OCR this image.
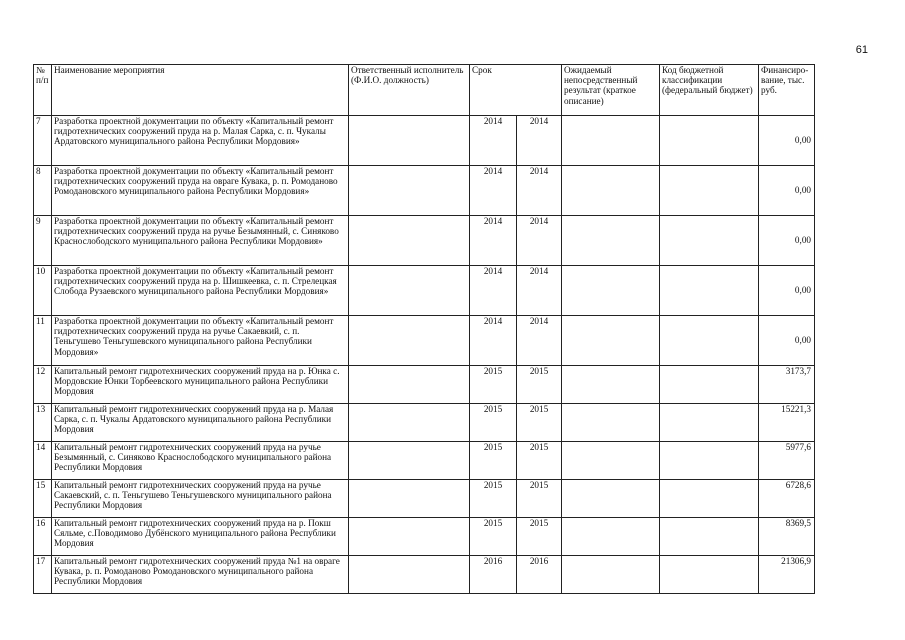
61
№ п/п	Наименование мероприятия	Ответственный исполнитель (Ф.И.О. должность)	Срок		Ожидаемый непосредственный результат (краткое описание)	Код бюджетной классификации (федеральный бюджет)	Финансиро-вание, тыс. руб.
7	Разработка проектной документации по объекту «Капитальный ремонт гидротехнических сооружений пруда на р. Малая Сарка, с. п. Чукалы Ардатовского муниципального района Республики Мордовия»		2014	2014			0,00
8	Разработка проектной документации по объекту «Капитальный ремонт гидротехнических сооружений пруда на овраге Кувака, р. п. Ромоданово Ромодановского муниципального района Республики Мордовия»		2014	2014			0,00
9	Разработка проектной документации по объекту «Капитальный ремонт гидротехнических сооружений пруда на ручье Безымянный, с. Синяково Краснослободского муниципального района Республики Мордовия»		2014	2014			0,00
10	Разработка проектной документации по объекту «Капитальный ремонт гидротехнических сооружений пруда на р. Шишкеевка, с. п. Стрелецкая Слобода Рузаевского муниципального района Республики Мордовия»		2014	2014			0,00
11	Разработка проектной документации по объекту «Капитальный ремонт гидротехнических сооружений пруда на ручье Сакаевкий, с. п. Теньгушево Теньгушевского муниципального района Республики Мордовия»		2014	2014			0,00
12	Капитальный ремонт гидротехнических сооружений пруда на р. Юнка с. Мордовские Юнки Торбеевского муниципального района Республики Мордовия		2015	2015			3173,7
13	Капитальный ремонт гидротехнических сооружений пруда на р. Малая Сарка, с. п. Чукалы Ардатовского муниципального района Республики Мордовия		2015	2015			15221,3
14	Капитальный ремонт гидротехнических сооружений пруда на ручье Безымянный, с. Синяково Краснослободского муниципального района Республики Мордовия		2015	2015			5977,6
15	Капитальный ремонт гидротехнических сооружений пруда на ручье Сакаевский, с. п. Теньгушево Теньгушевского муниципального района Республики Мордовия		2015	2015			6728,6
16	Капитальный ремонт гидротехнических сооружений пруда на р. Покш Сяльме, с.Поводимово Дубёнского муниципального района Республики Мордовия		2015	2015			8369,5
17	Капитальный ремонт гидротехнических сооружений пруда №1 на овраге Кувака, р. п. Ромоданово Ромодановского муниципального района Республики Мордовия		2016	2016			21306,9
